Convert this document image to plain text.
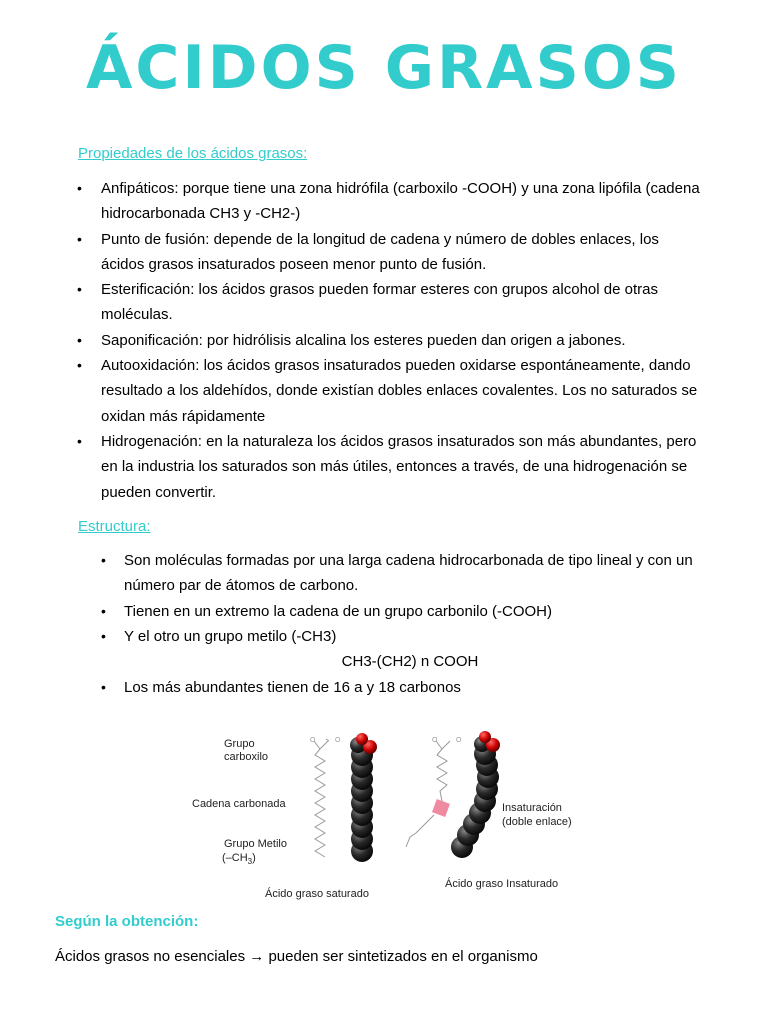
ÁCIDOS GRASOS
Propiedades de los ácidos grasos:
• Anfipáticos: porque tiene una zona hidrófila (carboxilo -COOH) y una zona lipófila (cadena hidrocarbonada CH3 y -CH2-)
• Punto de fusión: depende de la longitud de cadena y número de dobles enlaces, los ácidos grasos insaturados poseen menor punto de fusión.
• Esterificación: los ácidos grasos pueden formar esteres con grupos alcohol de otras moléculas.
• Saponificación: por hidrólisis alcalina los esteres pueden dan origen a jabones.
• Autooxidación: los ácidos grasos insaturados pueden oxidarse espontáneamente, dando resultado a los aldehídos, donde existían dobles enlaces covalentes. Los no saturados se oxidan más rápidamente
• Hidrogenación: en la naturaleza los ácidos grasos insaturados son más abundantes, pero en la industria los saturados son más útiles, entonces a través, de una hidrogenación se pueden convertir.
Estructura:
• Son moléculas formadas por una larga cadena hidrocarbonada de tipo lineal y con un número par de átomos de carbono.
• Tienen en un extremo la cadena de un grupo carbonilo (-COOH)
• Y el otro un grupo metilo (-CH3)
CH3-(CH2) n COOH
• Los más abundantes tienen de 16 a y 18 carbonos
Grupo
carboxilo
Cadena carbonada
Grupo Metilo
$(-CH_3)$
O	O	O	O
Insaturación
(doble enlace)
Ácido graso saturado
Ácido graso Insaturado
Según la obtención:
Ácidos grasos no esenciales → pueden ser sintetizados en el organismo
